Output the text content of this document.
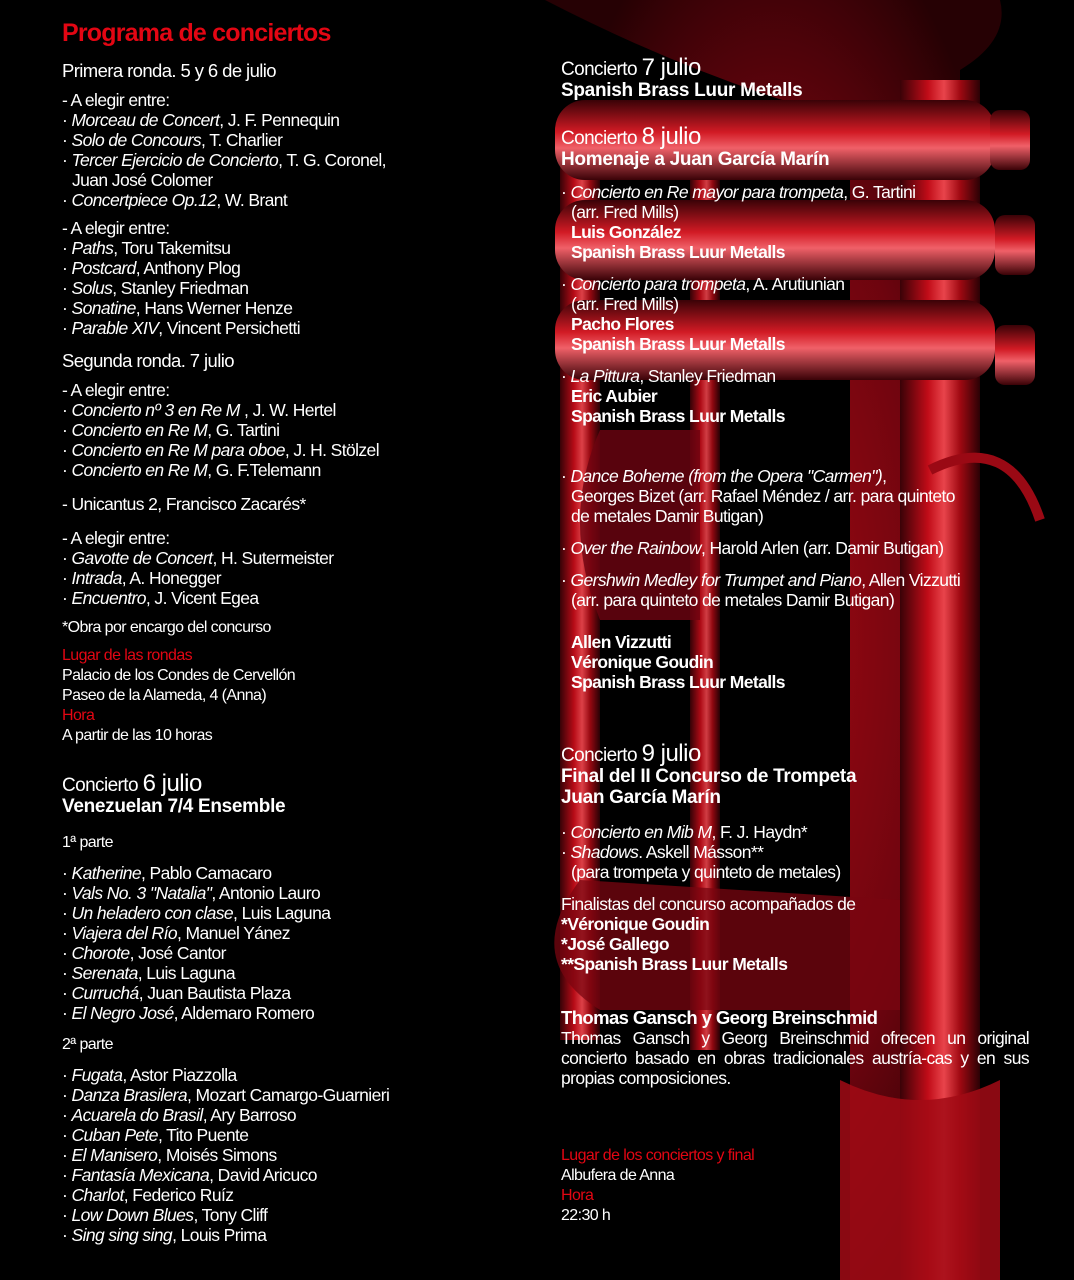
Programa de conciertos
Primera ronda. 5 y 6 de julio
- A elegir entre:
· Morceau de Concert, J. F. Pennequin
· Solo de Concours, T. Charlier
· Tercer Ejercicio de Concierto, T. G. Coronel,
Juan José Colomer
· Concertpiece Op.12, W. Brant
- A elegir entre:
· Paths, Toru Takemitsu
· Postcard, Anthony Plog
· Solus, Stanley Friedman
· Sonatine, Hans Werner Henze
· Parable XIV, Vincent Persichetti
Segunda ronda. 7 julio
- A elegir entre:
· Concierto nº 3 en Re M , J. W. Hertel
· Concierto en Re M, G. Tartini
· Concierto en Re M para oboe, J. H. Stölzel
· Concierto en Re M, G. F.Telemann
- Unicantus 2, Francisco Zacarés*
- A elegir entre:
· Gavotte de Concert, H. Sutermeister
· Intrada, A. Honegger
· Encuentro, J. Vicent Egea
*Obra por encargo del concurso
Lugar de las rondas
Palacio de los Condes de Cervellón
Paseo de la Alameda, 4 (Anna)
Hora
A partir de las 10 horas
Concierto 6 julio
Venezuelan 7/4 Ensemble
1ª parte
· Katherine, Pablo Camacaro
· Vals No. 3 "Natalia", Antonio Lauro
· Un heladero con clase, Luis Laguna
· Viajera del Río, Manuel Yánez
· Chorote, José Cantor
· Serenata, Luis Laguna
· Curruchá, Juan Bautista Plaza
· El Negro José, Aldemaro Romero
2ª parte
· Fugata, Astor Piazzolla
· Danza Brasilera, Mozart Camargo-Guarnieri
· Acuarela do Brasil, Ary Barroso
· Cuban Pete, Tito Puente
· El Manisero, Moisés Simons
· Fantasía Mexicana, David Aricuco
· Charlot, Federico Ruíz
· Low Down Blues, Tony Cliff
· Sing sing sing, Louis Prima
Concierto 7 julio
Spanish Brass Luur Metalls
Concierto 8 julio
Homenaje a Juan García Marín
· Concierto en Re mayor para trompeta, G. Tartini
(arr. Fred Mills)
Luis González
Spanish Brass Luur Metalls
· Concierto para trompeta, A. Arutiunian
(arr. Fred Mills)
Pacho Flores
Spanish Brass Luur Metalls
· La Pittura, Stanley Friedman
Eric Aubier
Spanish Brass Luur Metalls
· Dance Boheme (from the Opera "Carmen"),
Georges Bizet (arr. Rafael Méndez / arr. para quinteto
de metales Damir Butigan)
· Over the Rainbow, Harold Arlen (arr. Damir Butigan)
· Gershwin Medley for Trumpet and Piano, Allen Vizzutti
(arr. para quinteto de metales Damir Butigan)
Allen Vizzutti
Véronique Goudin
Spanish Brass Luur Metalls
Concierto 9 julio
Final del II Concurso de Trompeta
Juan García Marín
· Concierto en Mib M, F. J. Haydn*
· Shadows. Askell Másson**
(para trompeta y quinteto de metales)
Finalistas del concurso acompañados de
*Véronique Goudin
*José Gallego
**Spanish Brass Luur Metalls
Thomas Gansch y Georg Breinschmid
Thomas Gansch y Georg Breinschmid ofrecen un original concierto basado en obras tradicionales austría-cas y en sus propias composiciones.
Lugar de los conciertos y final
Albufera de Anna
Hora
22:30 h
